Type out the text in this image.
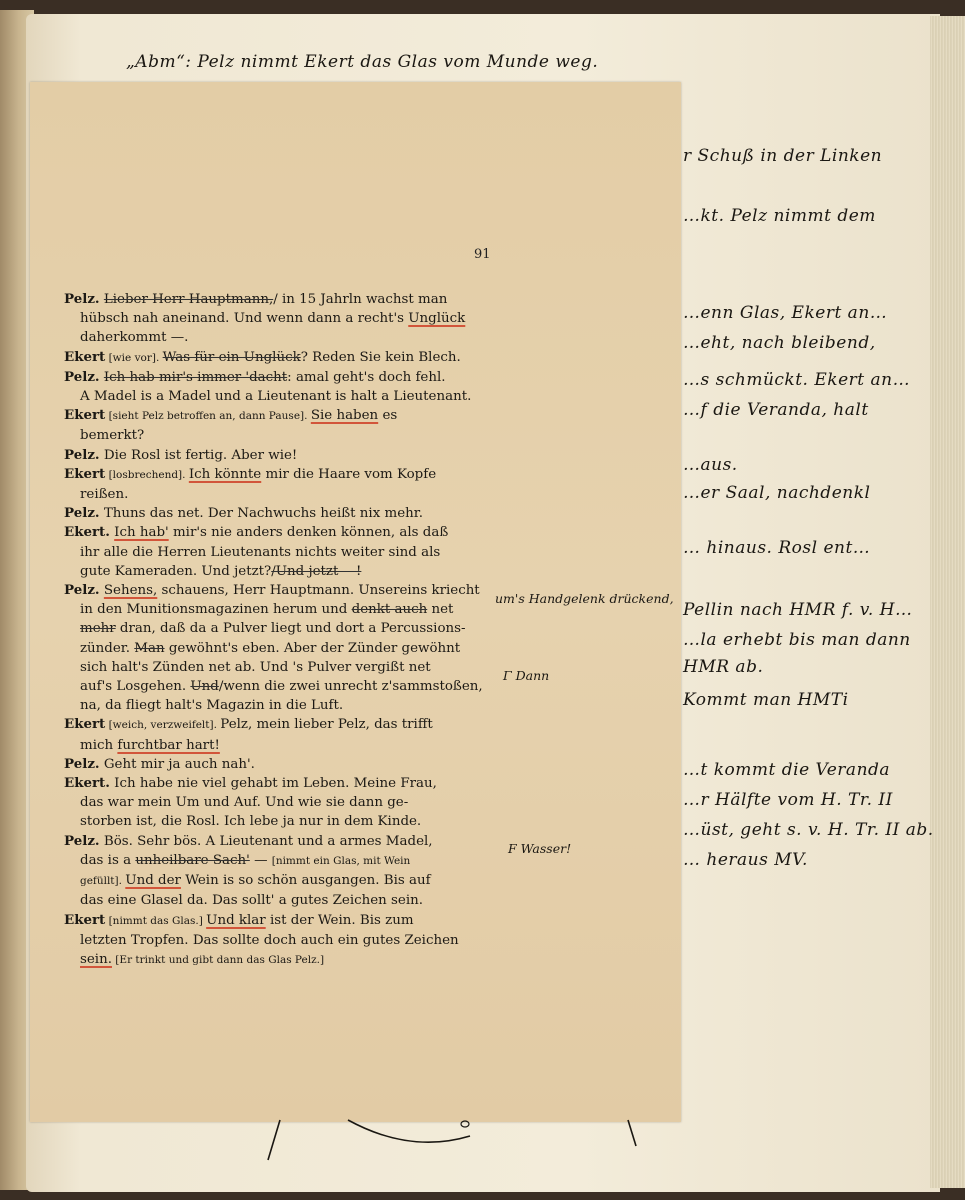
„Abm“: Pelz nimmt Ekert das Glas vom Munde weg.
r Schuß in der Linken
…kt. Pelz nimmt dem
…enn Glas, Ekert an…
…eht, nach bleibend,
…s schmückt. Ekert an…
…f die Veranda, halt
…aus.
…er Saal, nachdenkl
… hinaus. Rosl ent…
Pellin nach HMR f. v. H…
…la erhebt bis man dann
HMR ab.
Kommt man HMTi
…t kommt die Veranda
…r Hälfte vom H. Tr. II
…üst, geht s. v. H. Tr. II ab.
… heraus MV.
91
Pelz. Lieber Herr Hauptmann,/ in 15 Jahrln wachst man
hübsch nah aneinand. Und wenn dann a recht's Unglück
daherkommt —.
Ekert [wie vor]. Was für ein Unglück? Reden Sie kein Blech.
Pelz. Ich hab mir's immer 'dacht: amal geht's doch fehl.
A Madel is a Madel und a Lieutenant is halt a Lieutenant.
Ekert [sieht Pelz betroffen an, dann Pause]. Sie haben es
bemerkt?
Pelz. Die Rosl ist fertig. Aber wie!
Ekert [losbrechend]. Ich könnte mir die Haare vom Kopfe
reißen.
Pelz. Thuns das net. Der Nachwuchs heißt nix mehr.
Ekert. Ich hab' mir's nie anders denken können, als daß
ihr alle die Herren Lieutenants nichts weiter sind als
gute Kameraden. Und jetzt?/Und jetzt —!
Pelz. Sehens, schauens, Herr Hauptmann. Unsereins kriecht
in den Munitionsmagazinen herum und denkt auch net
mehr dran, daß da a Pulver liegt und dort a Percussions-
zünder. Man gewöhnt's eben. Aber der Zünder gewöhnt
sich halt's Zünden net ab. Und 's Pulver vergißt net
auf's Losgehen. Und/wenn die zwei unrecht z'sammstoßen,
na, da fliegt halt's Magazin in die Luft.
Ekert [weich, verzweifelt]. Pelz, mein lieber Pelz, das trifft
mich furchtbar hart!
Pelz. Geht mir ja auch nah'.
Ekert. Ich habe nie viel gehabt im Leben. Meine Frau,
das war mein Um und Auf. Und wie sie dann ge-
storben ist, die Rosl. Ich lebe ja nur in dem Kinde.
Pelz. Bös. Sehr bös. A Lieutenant und a armes Madel,
das is a unheilbare Sach' — [nimmt ein Glas, mit Wein
gefüllt]. Und der Wein is so schön ausgangen. Bis auf
das eine Glasel da. Das sollt' a gutes Zeichen sein.
Ekert [nimmt das Glas.] Und klar ist der Wein. Bis zum
letzten Tropfen. Das sollte doch auch ein gutes Zeichen
sein. [Er trinkt und gibt dann das Glas Pelz.]
um's Handgelenk drückend,
Γ Dann
F Wasser!
